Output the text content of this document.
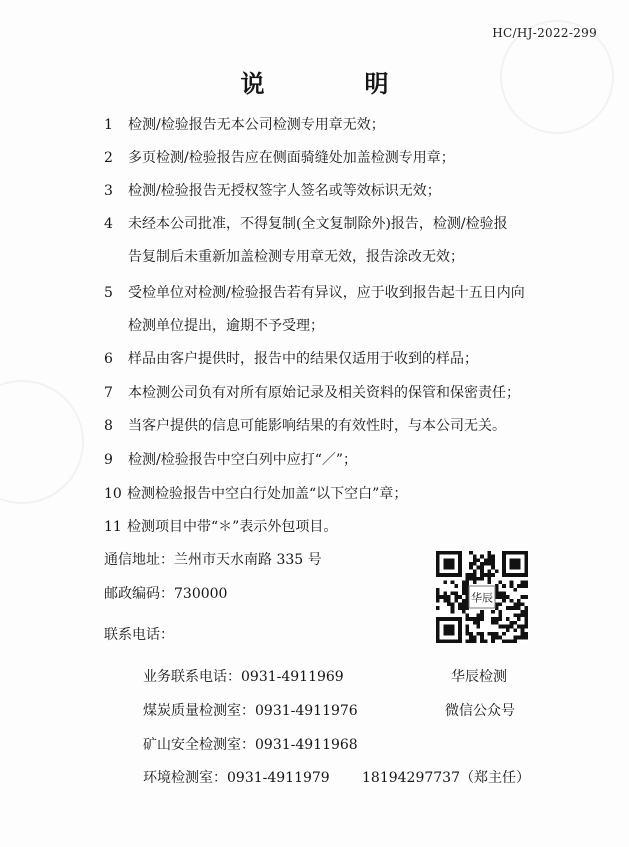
HC/HJ-2022-299
说　明
1 检测/检验报告无本公司检测专用章无效；
2 多页检测/检验报告应在侧面骑缝处加盖检测专用章；
3 检测/检验报告无授权签字人签名或等效标识无效；
4 未经本公司批准，不得复制(全文复制除外)报告，检测/检验报
告复制后未重新加盖检测专用章无效，报告涂改无效；
5 受检单位对检测/检验报告若有异议，应于收到报告起十五日内向
检测单位提出，逾期不予受理；
6 样品由客户提供时，报告中的结果仅适用于收到的样品；
7 本检测公司负有对所有原始记录及相关资料的保管和保密责任；
8 当客户提供的信息可能影响结果的有效性时，与本公司无关。
9 检测/检验报告中空白列中应打“／”；
10 检测检验报告中空白行处加盖“以下空白”章；
11 检测项目中带“＊”表示外包项目。
通信地址：兰州市天水南路 335 号
邮政编码：730000
联系电话：
业务联系电话：0931-4911969
煤炭质量检测室：0931-4911976
矿山安全检测室：0931-4911968
环境检测室：0931-4911979 18194297737（郑主任）
华辰
华辰检测
微信公众号
